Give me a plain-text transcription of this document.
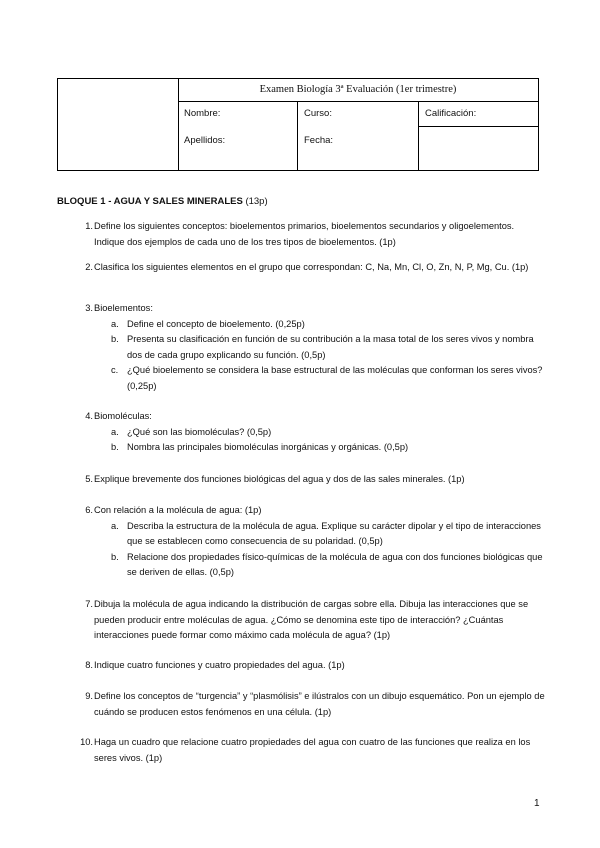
Examen Biología 3ª Evaluación (1er trimestre)
Nombre:
Apellidos:
Curso:
Fecha:
Calificación:
BLOQUE 1 - AGUA Y SALES MINERALES (13p)
1. Define los siguientes conceptos: bioelementos primarios, bioelementos secundarios y oligoelementos. Indique dos ejemplos de cada uno de los tres tipos de bioelementos. (1p)
2. Clasifica los siguientes elementos en el grupo que correspondan: C, Na, Mn, Cl, O, Zn, N, P, Mg, Cu. (1p)
3. Bioelementos:
a. Define el concepto de bioelemento. (0,25p)
b. Presenta su clasificación en función de su contribución a la masa total de los seres vivos y nombra dos de cada grupo explicando su función. (0,5p)
c. ¿Qué bioelemento se considera la base estructural de las moléculas que conforman los seres vivos? (0,25p)
4. Biomoléculas:
a. ¿Qué son las biomoléculas? (0,5p)
b. Nombra las principales biomoléculas inorgánicas y orgánicas. (0,5p)
5. Explique brevemente dos funciones biológicas del agua y dos de las sales minerales. (1p)
6. Con relación a la molécula de agua: (1p)
a. Describa la estructura de la molécula de agua. Explique su carácter dipolar y el tipo de interacciones que se establecen como consecuencia de su polaridad. (0,5p)
b. Relacione dos propiedades físico-químicas de la molécula de agua con dos funciones biológicas que se deriven de ellas. (0,5p)
7. Dibuja la molécula de agua indicando la distribución de cargas sobre ella. Dibuja las interacciones que se pueden producir entre moléculas de agua. ¿Cómo se denomina este tipo de interacción? ¿Cuántas interacciones puede formar como máximo cada molécula de agua? (1p)
8. Indique cuatro funciones y cuatro propiedades del agua. (1p)
9. Define los conceptos de “turgencia” y “plasmólisis” e ilústralos con un dibujo esquemático. Pon un ejemplo de cuándo se producen estos fenómenos en una célula. (1p)
10. Haga un cuadro que relacione cuatro propiedades del agua con cuatro de las funciones que realiza en los seres vivos. (1p)
1
